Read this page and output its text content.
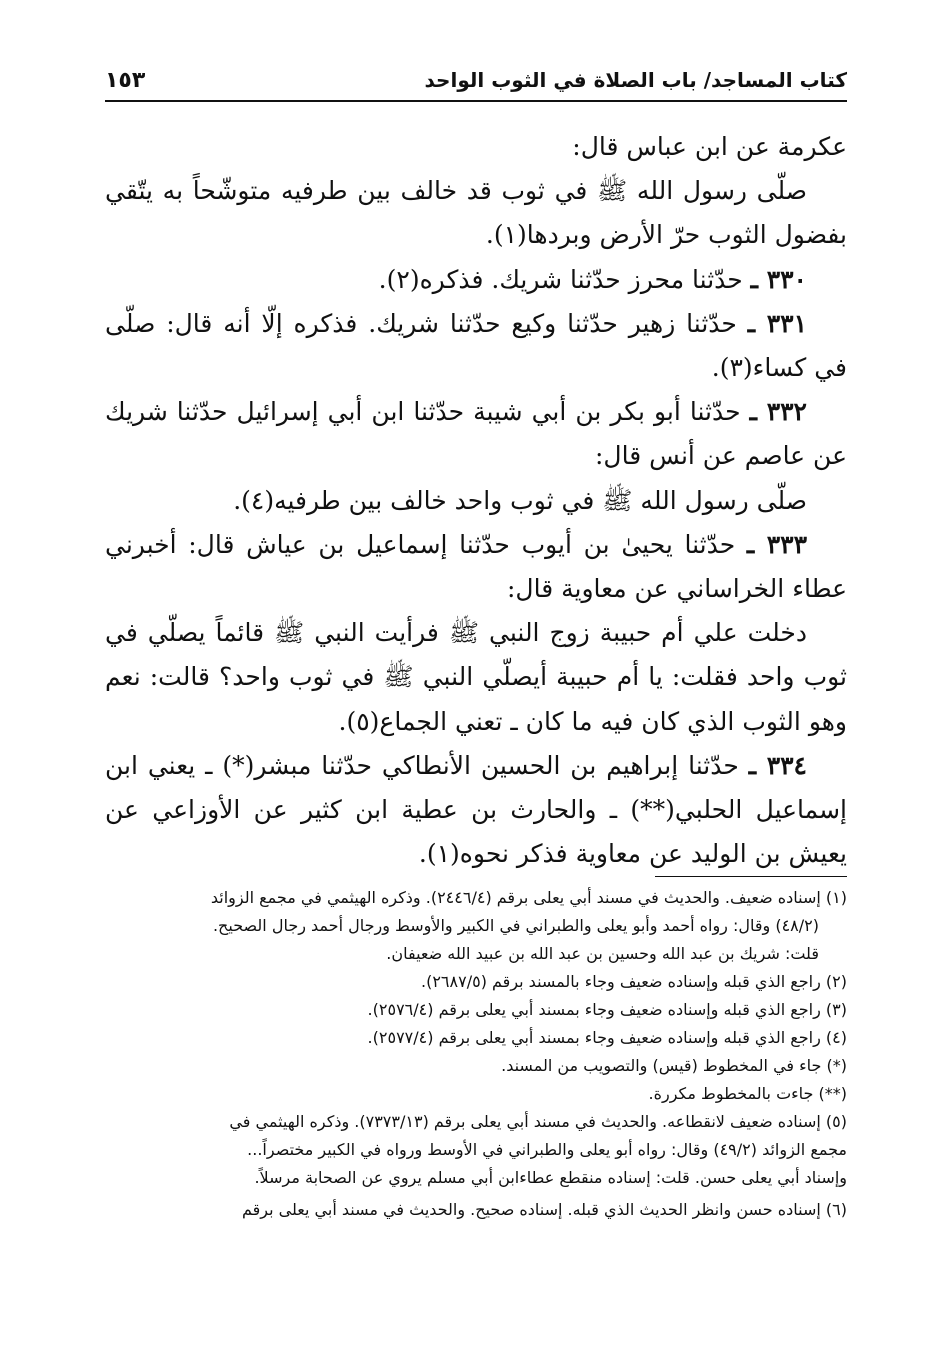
كتاب المساجد/ باب الصلاة في الثوب الواحد
١٥٣

عكرمة عن ابن عباس قال:

صلّى رسول الله ﷺ في ثوب قد خالف بين طرفيه متوشّحاً به يتّقي بفضول الثوب حرّ الأرض وبردها(١).

٣٣٠ ـ حدّثنا محرز حدّثنا شريك. فذكره(٢).

٣٣١ ـ حدّثنا زهير حدّثنا وكيع حدّثنا شريك. فذكره إلّا أنه قال: صلّى في كساء(٣).

٣٣٢ ـ حدّثنا أبو بكر بن أبي شيبة حدّثنا ابن أبي إسرائيل حدّثنا شريك عن عاصم عن أنس قال:

صلّى رسول الله ﷺ في ثوب واحد خالف بين طرفيه(٤).

٣٣٣ ـ حدّثنا يحيىٰ بن أيوب حدّثنا إسماعيل بن عياش قال: أخبرني عطاء الخراساني عن معاوية قال:

دخلت علي أم حبيبة زوج النبي ﷺ فرأيت النبي ﷺ قائماً يصلّي في ثوب واحد فقلت: يا أم حبيبة أيصلّي النبي ﷺ في ثوب واحد؟ قالت: نعم وهو الثوب الذي كان فيه ما كان ـ تعني الجماع(٥).

٣٣٤ ـ حدّثنا إبراهيم بن الحسين الأنطاكي حدّثنا مبشر(*) ـ يعني ابن إسماعيل الحلبي(**) ـ والحارث بن عطية ابن كثير عن الأوزاعي عن يعيش بن الوليد عن معاوية فذكر نحوه(١).

(١) إسناده ضعيف. والحديث في مسند أبي يعلى برقم (٢٤٤٦/٤). وذكره الهيثمي في مجمع الزوائد

(٤٨/٢) وقال: رواه أحمد وأبو يعلى والطبراني في الكبير والأوسط ورجال أحمد رجال الصحيح.

قلت: شريك بن عبد الله وحسين بن عبد الله بن عبيد الله ضعيفان.

(٢) راجع الذي قبله وإسناده ضعيف وجاء بالمسند برقم (٢٦٨٧/٥).

(٣) راجع الذي قبله وإسناده ضعيف وجاء بمسند أبي يعلى برقم (٢٥٧٦/٤).

(٤) راجع الذي قبله وإسناده ضعيف وجاء بمسند أبي يعلى برقم (٢٥٧٧/٤).

(*) جاء في المخطوط (قيس) والتصويب من المسند.

(**) جاءت بالمخطوط مكررة.

(٥) إسناده ضعيف لانقطاعه. والحديث في مسند أبي يعلى برقم (٧٣٧٣/١٣). وذكره الهيثمي في

مجمع الزوائد (٤٩/٢) وقال: رواه أبو يعلى والطبراني في الأوسط ورواه في الكبير مختصراً...

وإسناد أبي يعلى حسن. قلت: إسناده منقطع عطاءابن أبي مسلم يروي عن الصحابة مرسلاً.

(٦) إسناده حسن وانظر الحديث الذي قبله. إسناده صحيح. والحديث في مسند أبي يعلى برقم
